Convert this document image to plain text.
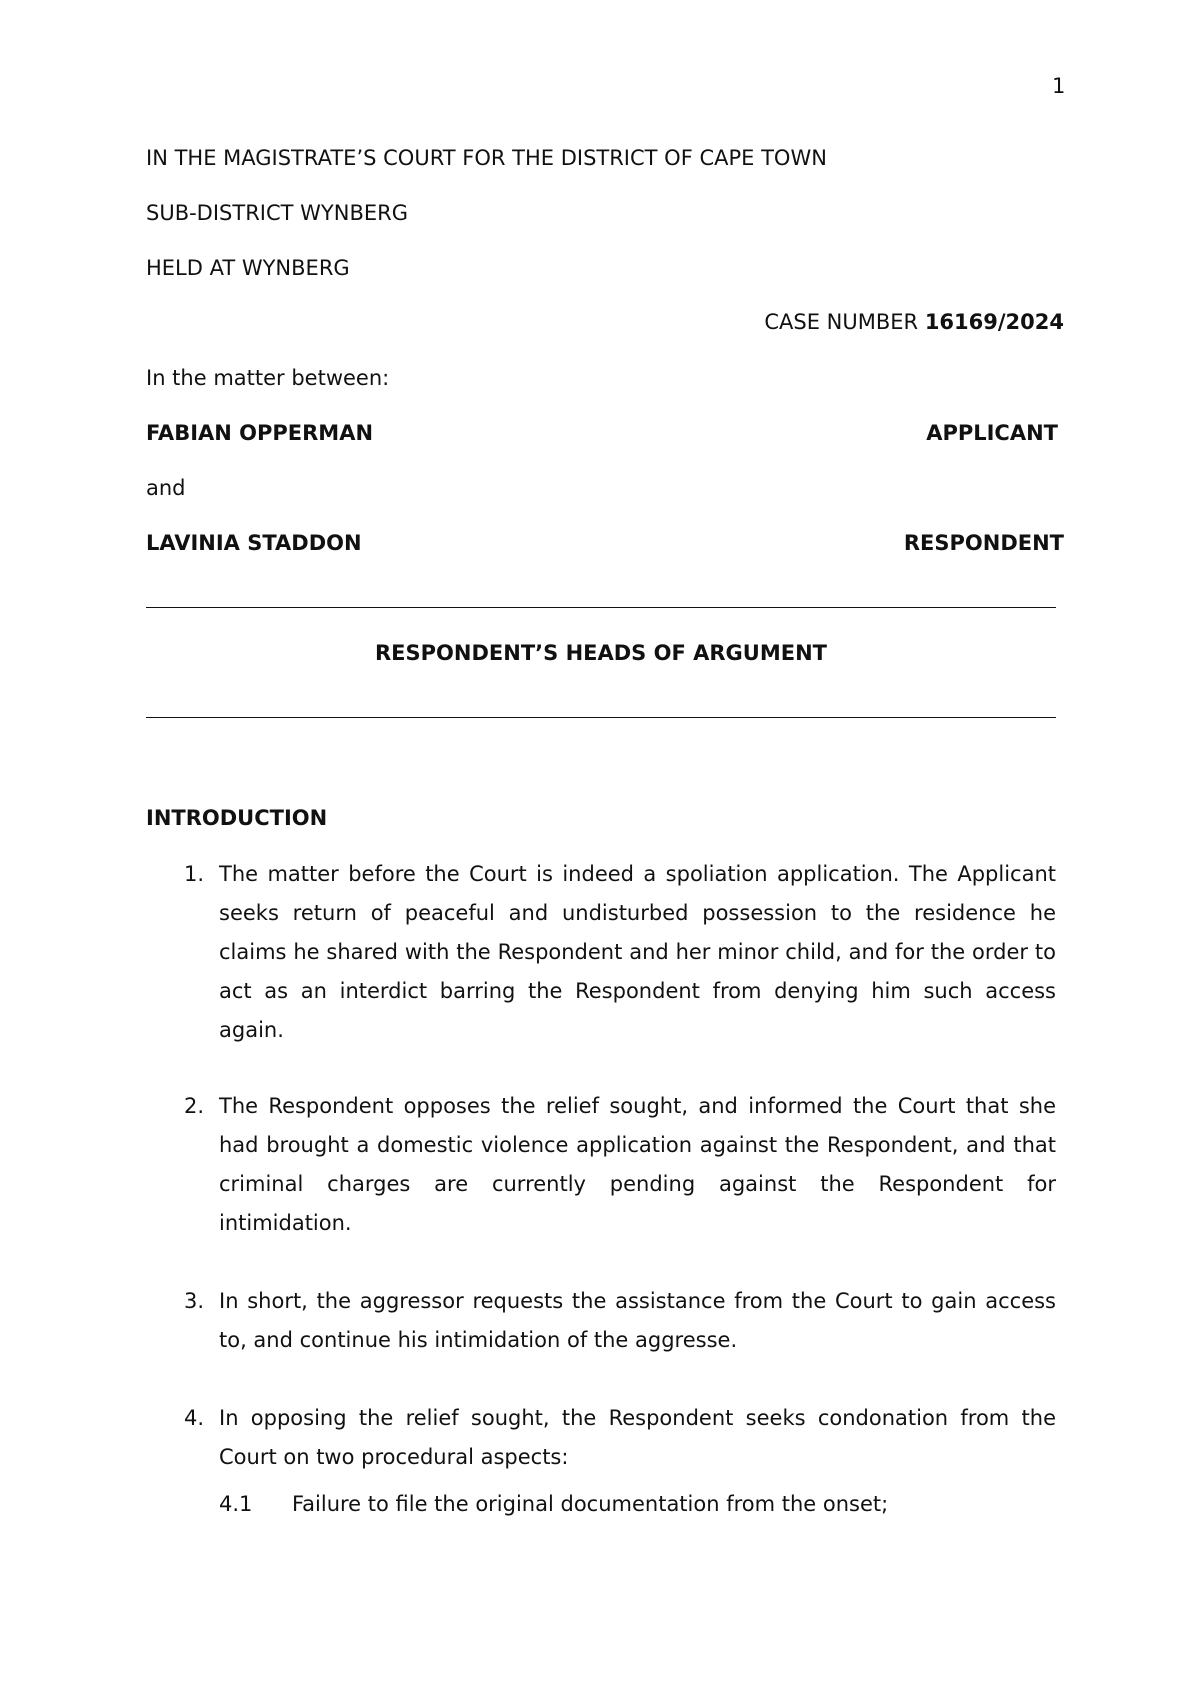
1
IN THE MAGISTRATE’S COURT FOR THE DISTRICT OF CAPE TOWN
SUB-DISTRICT WYNBERG
HELD AT WYNBERG
CASE NUMBER 16169/2024
In the matter between:
FABIAN OPPERMAN	APPLICANT
and
LAVINIA STADDON	RESPONDENT
RESPONDENT’S HEADS OF ARGUMENT
INTRODUCTION
1. The matter before the Court is indeed a spoliation application. The Applicant seeks return of peaceful and undisturbed possession to the residence he claims he shared with the Respondent and her minor child, and for the order to act as an interdict barring the Respondent from denying him such access again.
2. The Respondent opposes the relief sought, and informed the Court that she had brought a domestic violence application against the Respondent, and that criminal charges are currently pending against the Respondent for intimidation.
3. In short, the aggressor requests the assistance from the Court to gain access to, and continue his intimidation of the aggresse.
4. In opposing the relief sought, the Respondent seeks condonation from the Court on two procedural aspects:
4.1 Failure to file the original documentation from the onset;
